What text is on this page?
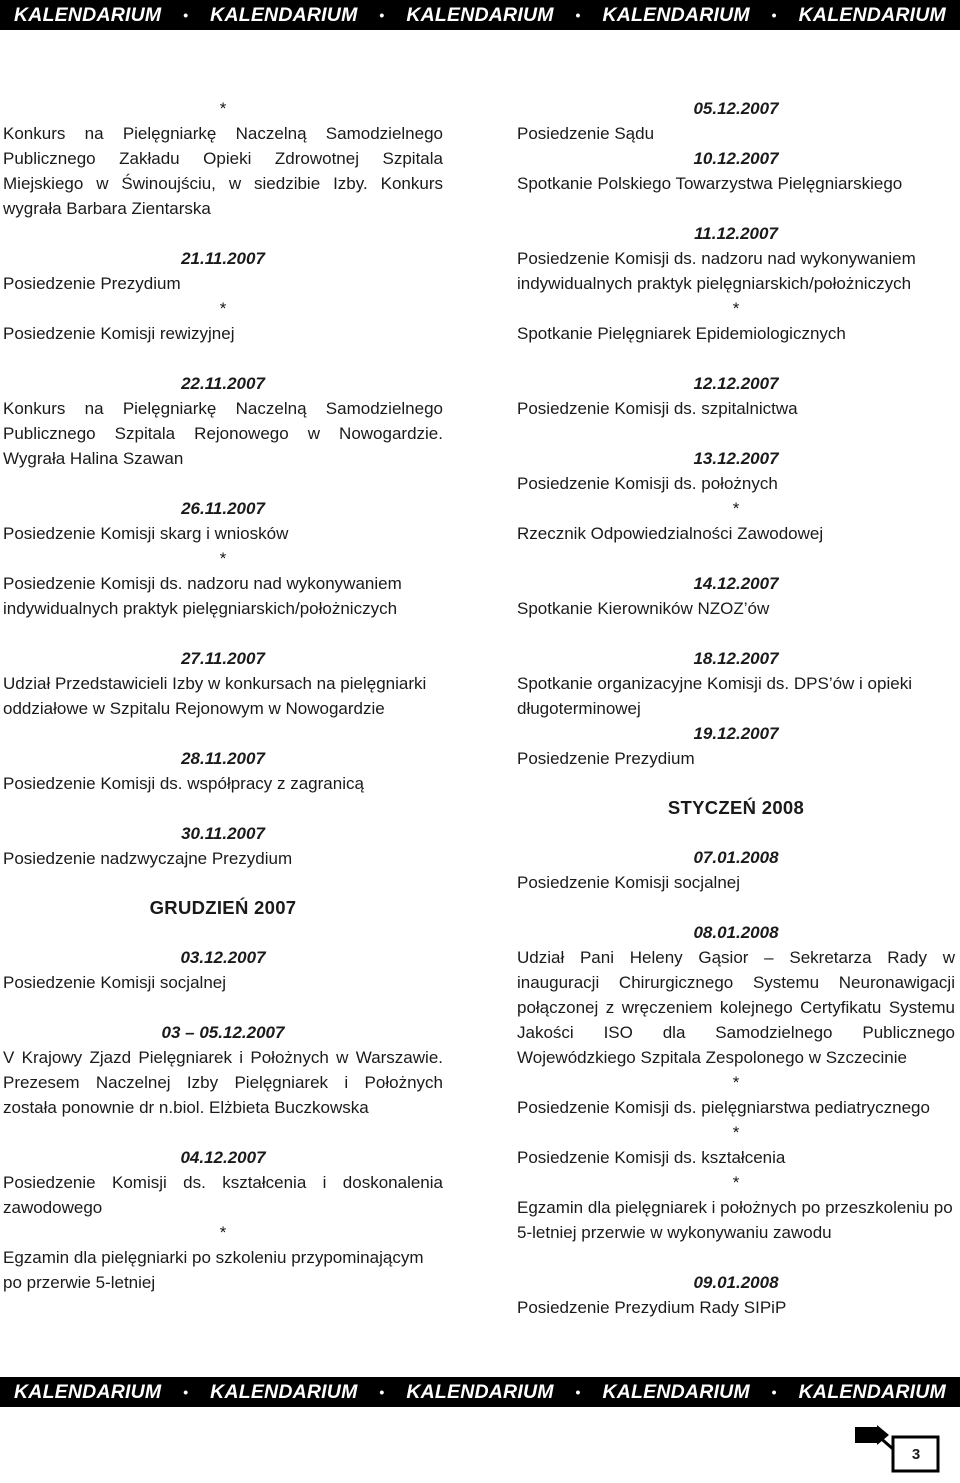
KALENDARIUM • KALENDARIUM • KALENDARIUM • KALENDARIUM • KALENDARIUM

*

Konkurs na Pielęgniarkę Naczelną Samodzielnego Publicznego Zakładu Opieki Zdrowotnej Szpitala Miejskiego w Świnoujściu, w siedzibie Izby. Konkurs wygrała Barbara Zientarska

21.11.2007

Posiedzenie Prezydium

*

Posiedzenie Komisji rewizyjnej

22.11.2007

Konkurs na Pielęgniarkę Naczelną Samodzielnego Publicznego Szpitala Rejonowego w Nowogardzie. Wygrała Halina Szawan

26.11.2007

Posiedzenie Komisji skarg i wniosków

*

Posiedzenie Komisji ds. nadzoru nad wykonywaniem indywidualnych praktyk pielęgniarskich/położniczych

27.11.2007

Udział Przedstawicieli Izby w konkursach na pielęgniarki oddziałowe w Szpitalu Rejonowym w Nowogardzie

28.11.2007

Posiedzenie Komisji ds. współpracy z zagranicą

30.11.2007

Posiedzenie nadzwyczajne Prezydium

GRUDZIEŃ 2007

03.12.2007

Posiedzenie Komisji socjalnej

03 – 05.12.2007

V Krajowy Zjazd Pielęgniarek i Położnych w Warszawie. Prezesem Naczelnej Izby Pielęgniarek i Położnych została ponownie dr n.biol. Elżbieta Buczkowska

04.12.2007

Posiedzenie Komisji ds. kształcenia i doskonalenia zawodowego

*

Egzamin dla pielęgniarki po szkoleniu przypominającym po przerwie 5-letniej

05.12.2007

Posiedzenie Sądu

10.12.2007

Spotkanie Polskiego Towarzystwa Pielęgniarskiego

11.12.2007

Posiedzenie Komisji ds. nadzoru nad wykonywaniem indywidualnych praktyk pielęgniarskich/położniczych

*

Spotkanie Pielęgniarek Epidemiologicznych

12.12.2007

Posiedzenie Komisji ds. szpitalnictwa

13.12.2007

Posiedzenie Komisji ds. położnych

*

Rzecznik Odpowiedzialności Zawodowej

14.12.2007

Spotkanie Kierowników NZOZ’ów

18.12.2007

Spotkanie organizacyjne Komisji ds. DPS’ów i opieki długoterminowej

19.12.2007

Posiedzenie Prezydium

STYCZEŃ 2008

07.01.2008

Posiedzenie Komisji socjalnej

08.01.2008

Udział Pani Heleny Gąsior – Sekretarza Rady w inauguracji Chirurgicznego Systemu Neuronawigacji połączonej z wręczeniem kolejnego Certyfikatu Systemu Jakości ISO dla Samodzielnego Publicznego Wojewódzkiego Szpitala Zespolonego w Szczecinie

*

Posiedzenie Komisji ds. pielęgniarstwa pediatrycznego

*

Posiedzenie Komisji ds. kształcenia

*

Egzamin dla pielęgniarek i położnych po przeszkoleniu po 5-letniej przerwie w wykonywaniu zawodu

09.01.2008

Posiedzenie Prezydium Rady SIPiP

KALENDARIUM • KALENDARIUM • KALENDARIUM • KALENDARIUM • KALENDARIUM
3
